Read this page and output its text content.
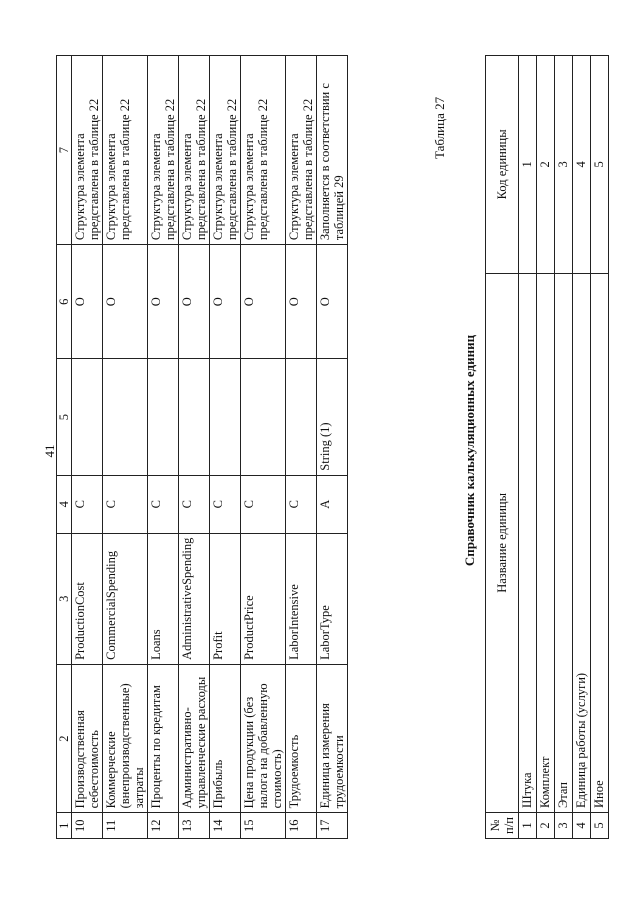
41
1	2	3	4	5	6	7
10	Производственная себестоимость	ProductionCost	C		O	Структура элемента представлена в таблице 22
11	Коммерческие (внепроизводственные) затраты	CommercialSpending	C		O	Структура элемента представлена в таблице 22
12	Проценты по кредитам	Loans	C		O	Структура элемента представлена в таблице 22
13	Административно-управленческие расходы	AdministrativeSpending	C		O	Структура элемента представлена в таблице 22
14	Прибыль	Profit	C		O	Структура элемента представлена в таблице 22
15	Цена продукции (без налога на добавленную стоимость)	ProductPrice	C		O	Структура элемента представлена в таблице 22
16	Трудоемкость	LaborIntensive	C		O	Структура элемента представлена в таблице 22
17	Единица измерения трудоемкости	LaborType	A	String (1)	O	Заполняется в соответствии с таблицей 29
Таблица 27
Справочник калькуляционных единиц
№ п/п	Название единицы	Код единицы
1	Штука	1
2	Комплект	2
3	Этап	3
4	Единица работы (услуги)	4
5	Иное	5
